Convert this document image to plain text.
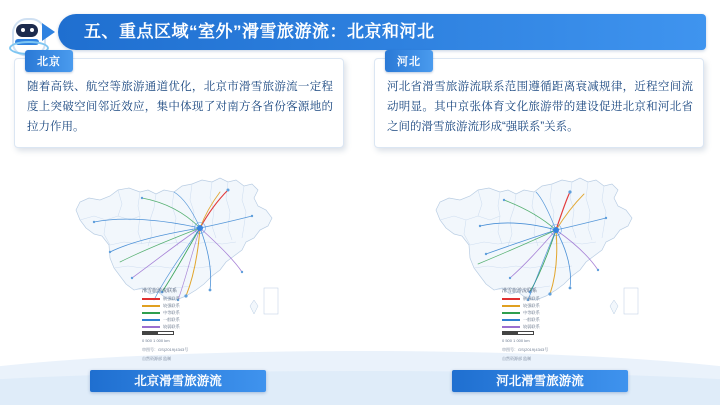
五、重点区域“室外”滑雪旅游流：北京和河北
北京
随着高铁、航空等旅游通道优化，北京市滑雪旅游流一定程度上突破空间邻近效应，集中体现了对南方各省份客源地的拉力作用。
滑雪旅游流联系
极强联系
较强联系
中等联系
一般联系
较弱联系
0 500 1 000 km
审图号：GS(2019)4343号
自然资源部 监制
北京滑雪旅游流
河北
河北省滑雪旅游流联系范围遵循距离衰减规律，近程空间流动明显。其中京张体育文化旅游带的建设促进北京和河北省之间的滑雪旅游流形成“强联系”关系。
滑雪旅游流联系
极强联系
较强联系
中等联系
一般联系
较弱联系
0 500 1 000 km
审图号：GS(2019)4343号
自然资源部 监制
河北滑雪旅游流
